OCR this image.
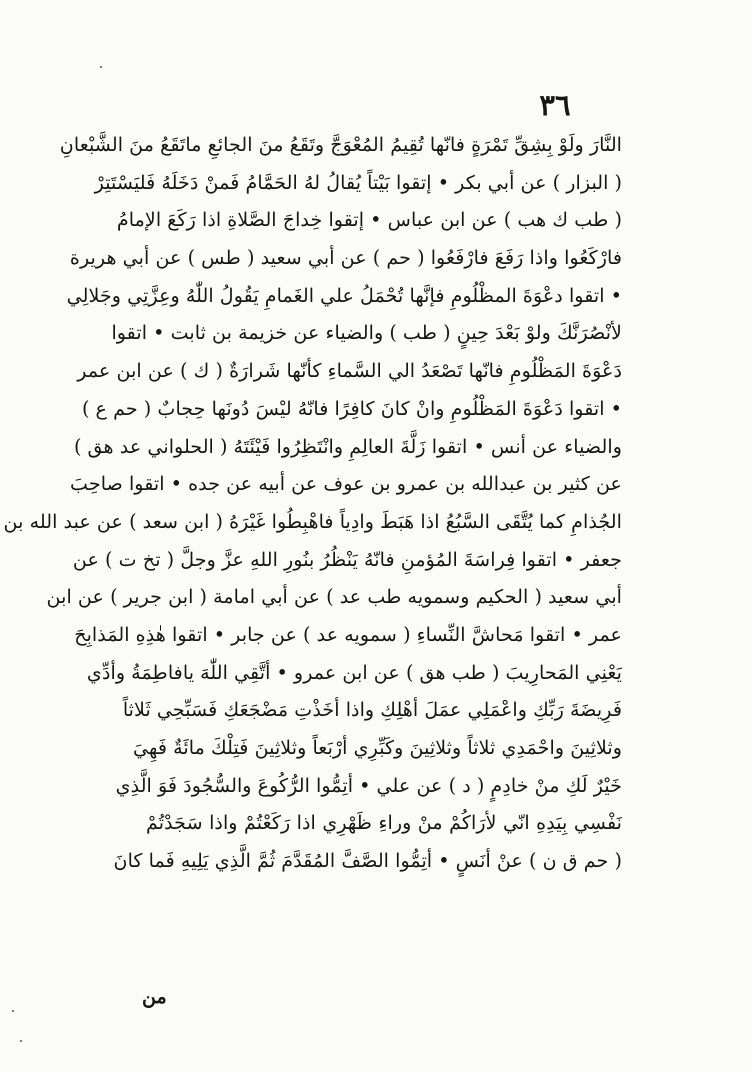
٣٦
النَّارَ ولَوْ بِشِقِّ تَمْرَةٍ فانّها تُقِيمُ المُعْوَجَّ وتَقَعُ منَ الجائعِ ماتَقَعُ منَ الشَّبْعانِ
( البزار ) عن أبي بكر • إتقوا بَيْتاً يُقالُ لهُ الحَمَّامُ فَمنْ دَخَلَهُ فَليَسْتَتِرْ
( طب ك هب ) عن ابن عباس • إتقوا خِداجَ الصَّلاةِ اذا رَكَعَ الإمامُ
فارْكَعُوا واذا رَفَعَ فارْفَعُوا ( حم ) عن أبي سعيد ( طس ) عن أبي هريرة
• اتقوا دعْوَةَ المظْلُومِ فإنَّها تُحْمَلُ علي الغَمامِ يَقُولُ اللّٰهُ وعِزَّتِي وجَلالِي
لأنْصُرَنَّكَ ولوْ بَعْدَ حِينٍ ( طب ) والضياء عن خزيمة بن ثابت • اتقوا
دَعْوَةَ المَظْلُومِ فانّها تَصْعَدُ الي السَّماءِ كأنّها شَرارَةٌ ( ك ) عن ابن عمر
• اتقوا دَعْوَةَ المَظْلُومِ وانْ كانَ كافِرًا فانّهُ ليْسَ دُونَها حِجابٌ ( حم ع )
والضياء عن أنس • اتقوا زَلَّةَ العالِمِ وانْتَظِرُوا فَيْئَتَهُ ( الحلواني عد هق )
عن كثير بن عبدالله بن عمرو بن عوف عن أبيه عن جده • اتقوا صاحِبَ
الجُذامِ كما يُتَّقَى السَّبُعُ اذا هَبَطَ وادِياً فاهْبِطُوا غَيْرَهُ ( ابن سعد ) عن عبد الله بن
جعفر • اتقوا فِراسَةَ المُؤمنِ فانّهُ يَنْظُرُ بنُورِ اللهِ عزَّ وجلَّ ( تخ ت ) عن
أبي سعيد ( الحكيم وسمويه طب عد ) عن أبي امامة ( ابن جرير ) عن ابن
عمر • اتقوا مَحاشَّ النِّساءِ ( سمويه عد ) عن جابر • اتقوا هٰذِهِ المَذابِحَ
يَعْنِي المَحارِيبَ ( طب هق ) عن ابن عمرو • أتَّقِي اللّٰهَ يافاطِمَةُ وأدِّي
فَرِيضَةَ رَبِّكِ واعْمَلِي عمَلَ أهْلِكِ واذا أخَذْتِ مَضْجَعَكِ فَسَبِّحِي ثَلاثاً
وثلاثِينَ واحْمَدِي ثلاثاً وثلاثِينَ وكَبِّرِي أرْبَعاً وثلاثِينَ فَتِلْكَ مائَةٌ فَهِيَ
خَيْرٌ لَكِ منْ خادِمٍ ( د ) عن علي • أتِمُّوا الرُّكُوعَ والسُّجُودَ فَوَ الَّذِي
نَفْسِي بِيَدِهِ انّي لأرَاكُمْ منْ وراءِ ظَهْرِي اذا رَكَعْتُمْ واذا سَجَدْتُمْ
( حم ق ن ) عنْ أنَسٍ • أتِمُّوا الصَّفَّ المُقَدَّمَ ثُمَّ الَّذِي يَلِيهِ فَما كانَ
من
